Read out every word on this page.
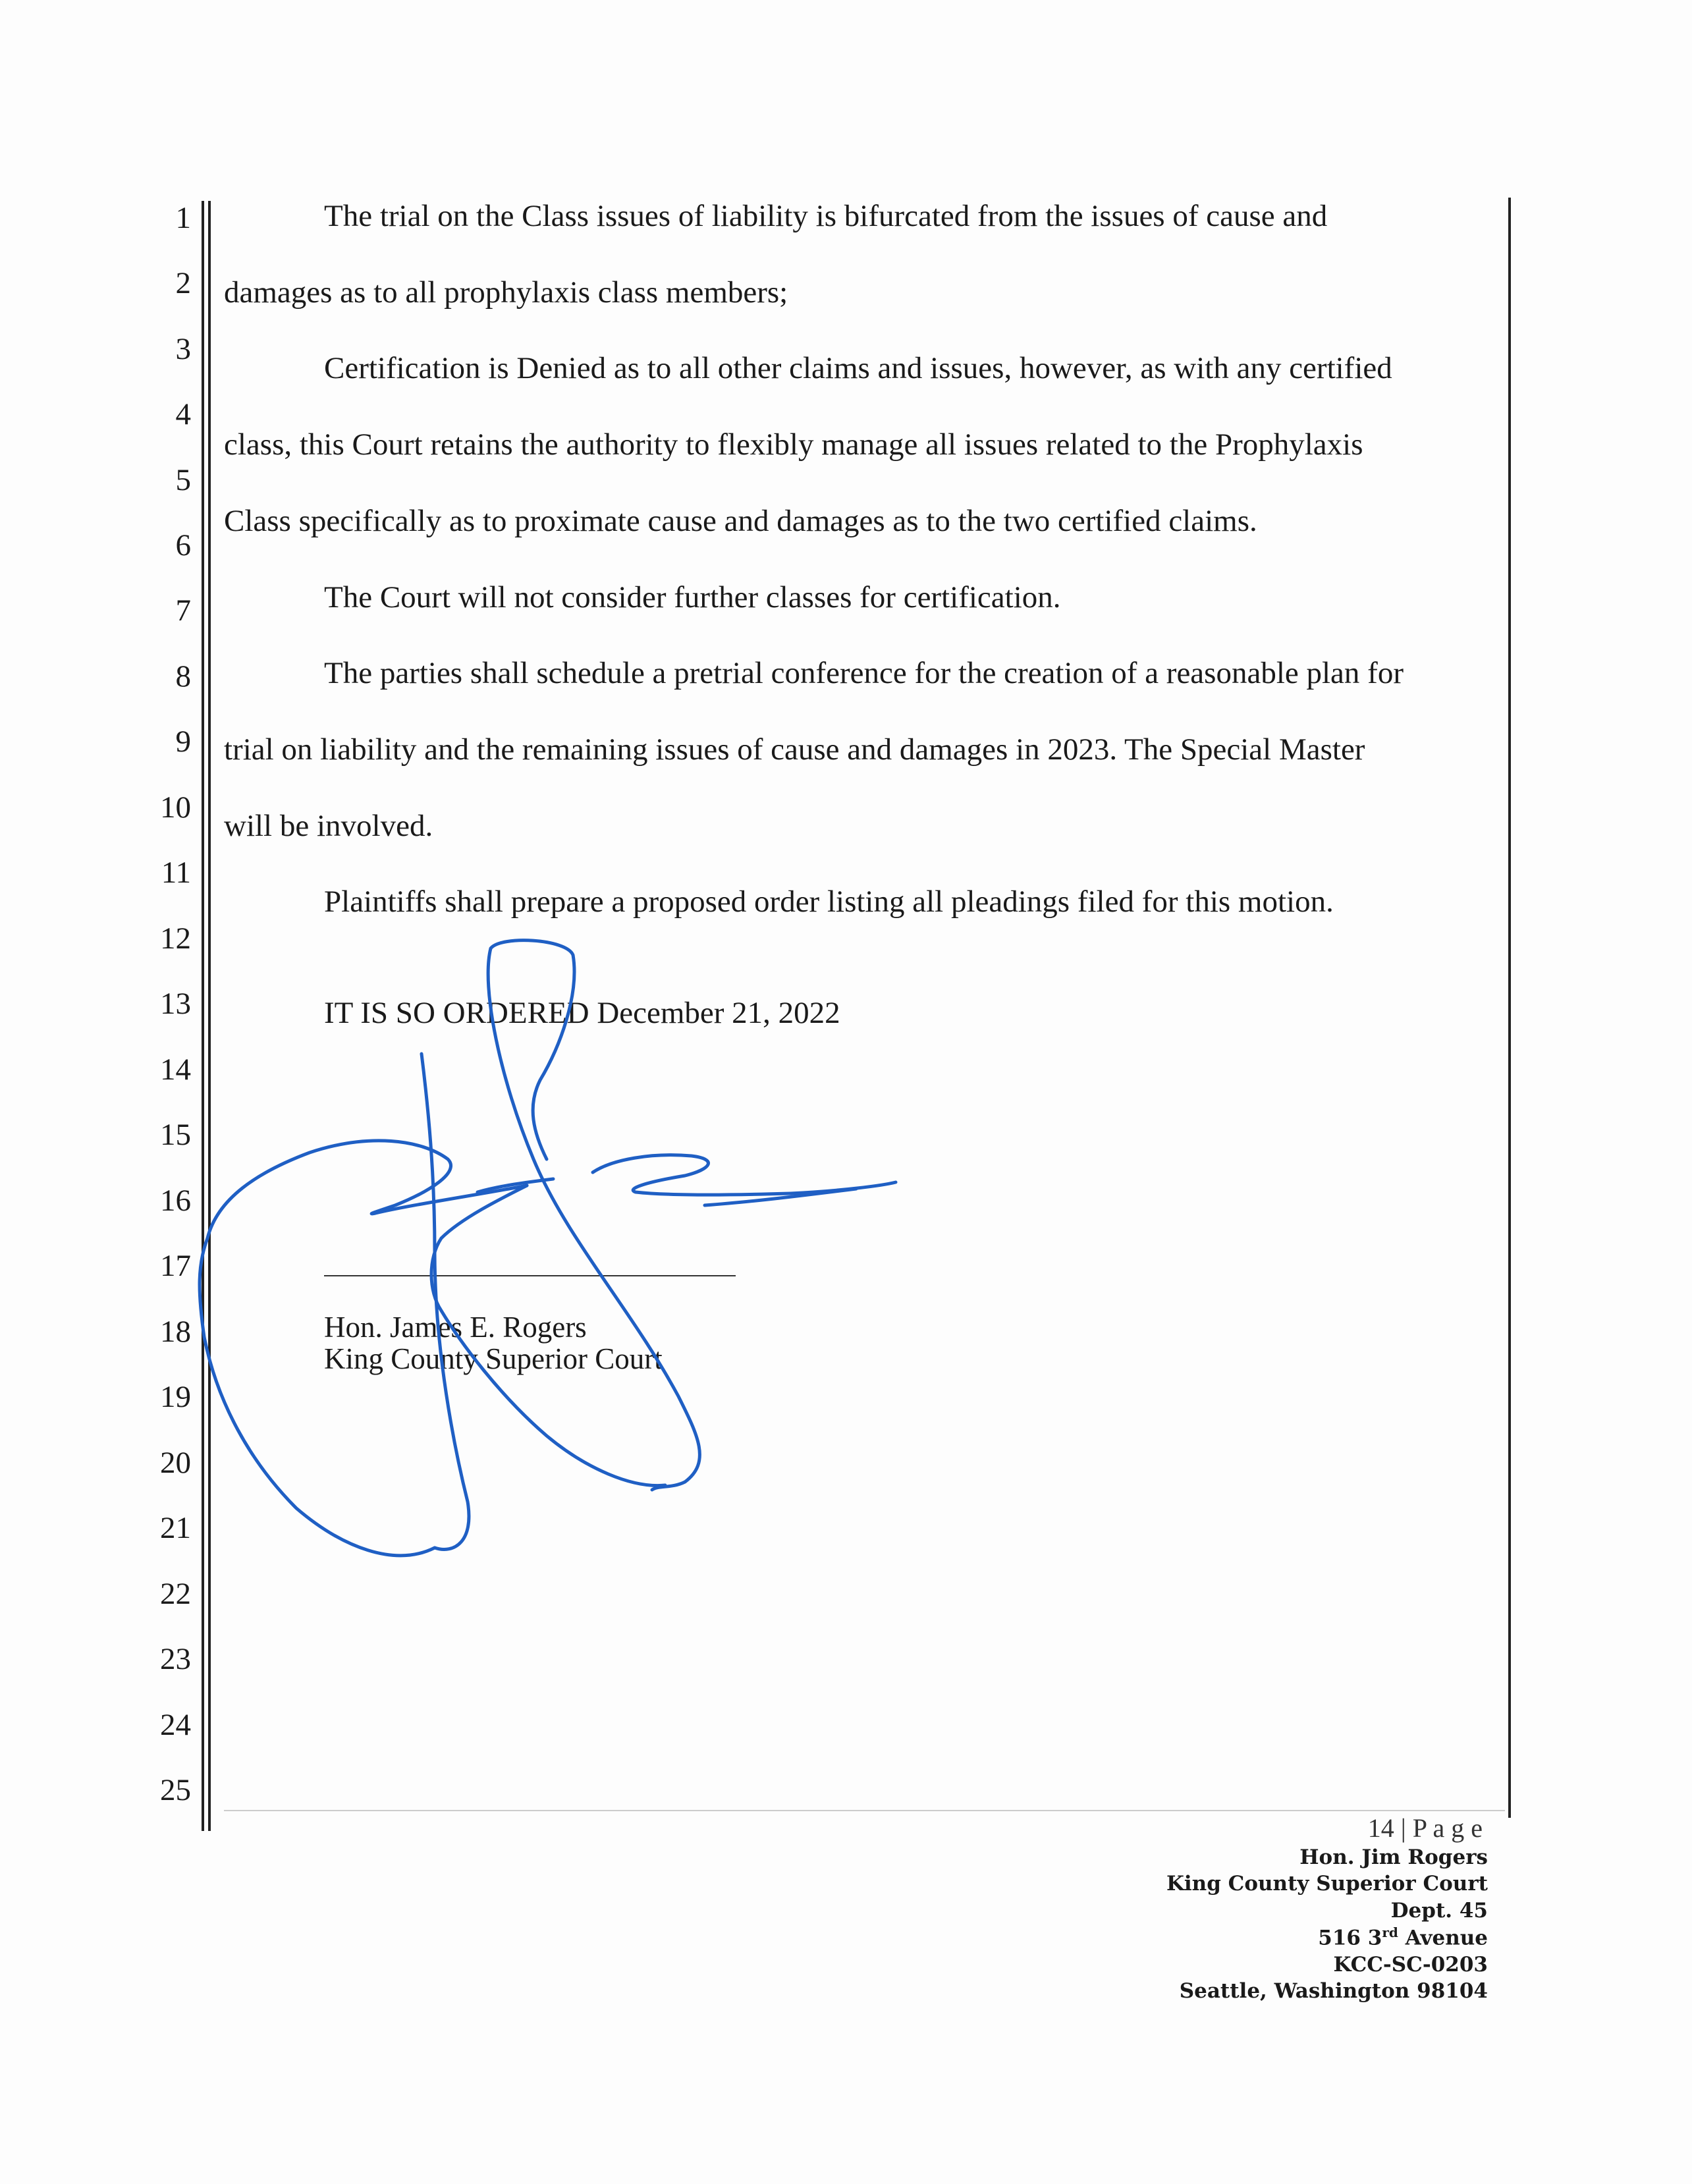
1
2
3
4
5
6
7
8
9
10
11
12
13
14
15
16
17
18
19
20
21
22
23
24
25
The trial on the Class issues of liability is bifurcated from the issues of cause and
damages as to all prophylaxis class members;
Certification is Denied as to all other claims and issues, however, as with any certified
class, this Court retains the authority to flexibly manage all issues related to the Prophylaxis
Class specifically as to proximate cause and damages as to the two certified claims.
The Court will not consider further classes for certification.
The parties shall schedule a pretrial conference for the creation of a reasonable plan for
trial on liability and the remaining issues of cause and damages in 2023. The Special Master
will be involved.
Plaintiffs shall prepare a proposed order listing all pleadings filed for this motion.
IT IS SO ORDERED December 21, 2022
Hon. James E. Rogers
King County Superior Court
14 | P a g e
Hon. Jim Rogers
King County Superior Court
Dept. 45
516 3rd Avenue
KCC-SC-0203
Seattle, Washington 98104
